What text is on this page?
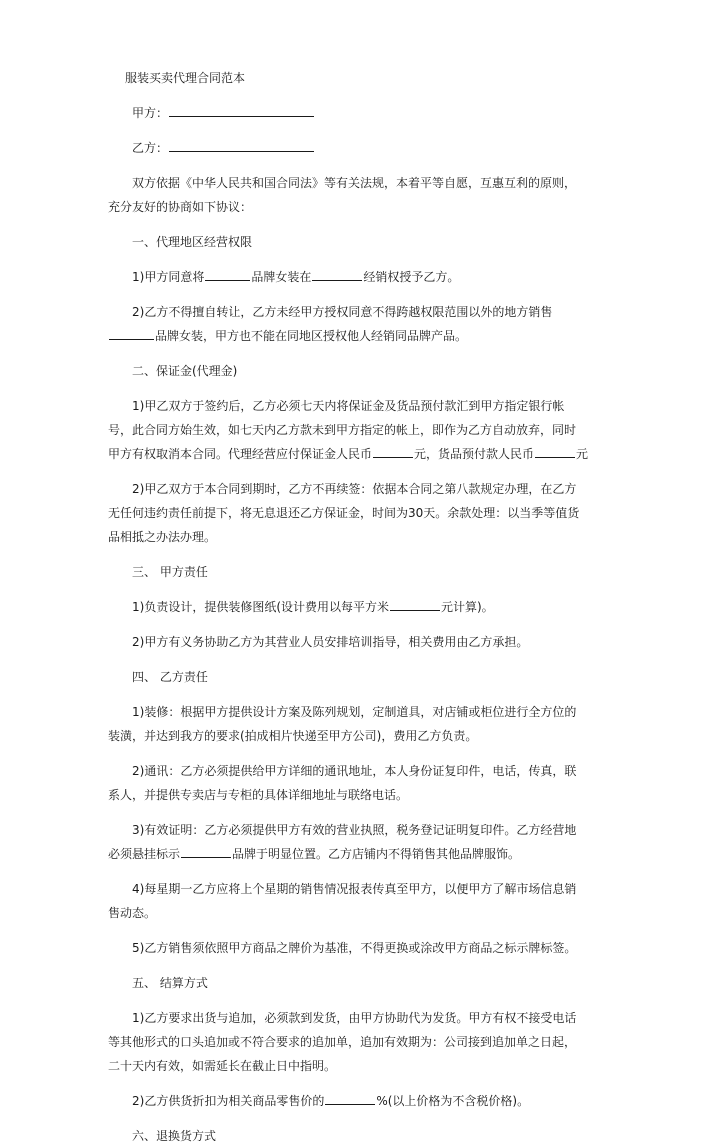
服装买卖代理合同范本
甲方：
乙方：
双方依据《中华人民共和国合同法》等有关法规，本着平等自愿，互惠互利的原则，
充分友好的协商如下协议：
一、代理地区经营权限
1)甲方同意将	品牌女装在	经销权授予乙方。
2)乙方不得擅自转让，乙方未经甲方授权同意不得跨越权限范围以外的地方销售
品牌女装，甲方也不能在同地区授权他人经销同品牌产品。
二、保证金(代理金)
1)甲乙双方于签约后，乙方必须七天内将保证金及货品预付款汇到甲方指定银行帐
号，此合同方始生效，如七天内乙方款未到甲方指定的帐上，即作为乙方自动放弃，同时
甲方有权取消本合同。代理经营应付保证金人民币	元，货品预付款人民币	元
2)甲乙双方于本合同到期时，乙方不再续签：依据本合同之第八款规定办理，在乙方
无任何违约责任前提下，将无息退还乙方保证金，时间为30天。余款处理：以当季等值货
品相抵之办法办理。
三、 甲方责任
1)负责设计，提供装修图纸(设计费用以每平方米	元计算)。
2)甲方有义务协助乙方为其营业人员安排培训指导，相关费用由乙方承担。
四、 乙方责任
1)装修：根据甲方提供设计方案及陈列规划，定制道具，对店铺或柜位进行全方位的
装潢，并达到我方的要求(拍成相片快递至甲方公司)，费用乙方负责。
2)通讯：乙方必须提供给甲方详细的通讯地址，本人身份证复印件，电话，传真，联
系人，并提供专卖店与专柜的具体详细地址与联络电话。
3)有效证明：乙方必须提供甲方有效的营业执照，税务登记证明复印件。乙方经营地
必须悬挂标示	品牌于明显位置。乙方店铺内不得销售其他品牌服饰。
4)每星期一乙方应将上个星期的销售情况报表传真至甲方，以便甲方了解市场信息销
售动态。
5)乙方销售须依照甲方商品之牌价为基准，不得更换或涂改甲方商品之标示牌标签。
五、 结算方式
1)乙方要求出货与追加，必须款到发货，由甲方协助代为发货。甲方有权不接受电话
等其他形式的口头追加或不符合要求的追加单，追加有效期为：公司接到追加单之日起，
二十天内有效，如需延长在截止日中指明。
2)乙方供货折扣为相关商品零售价的	%(以上价格为不含税价格)。
六、退换货方式
